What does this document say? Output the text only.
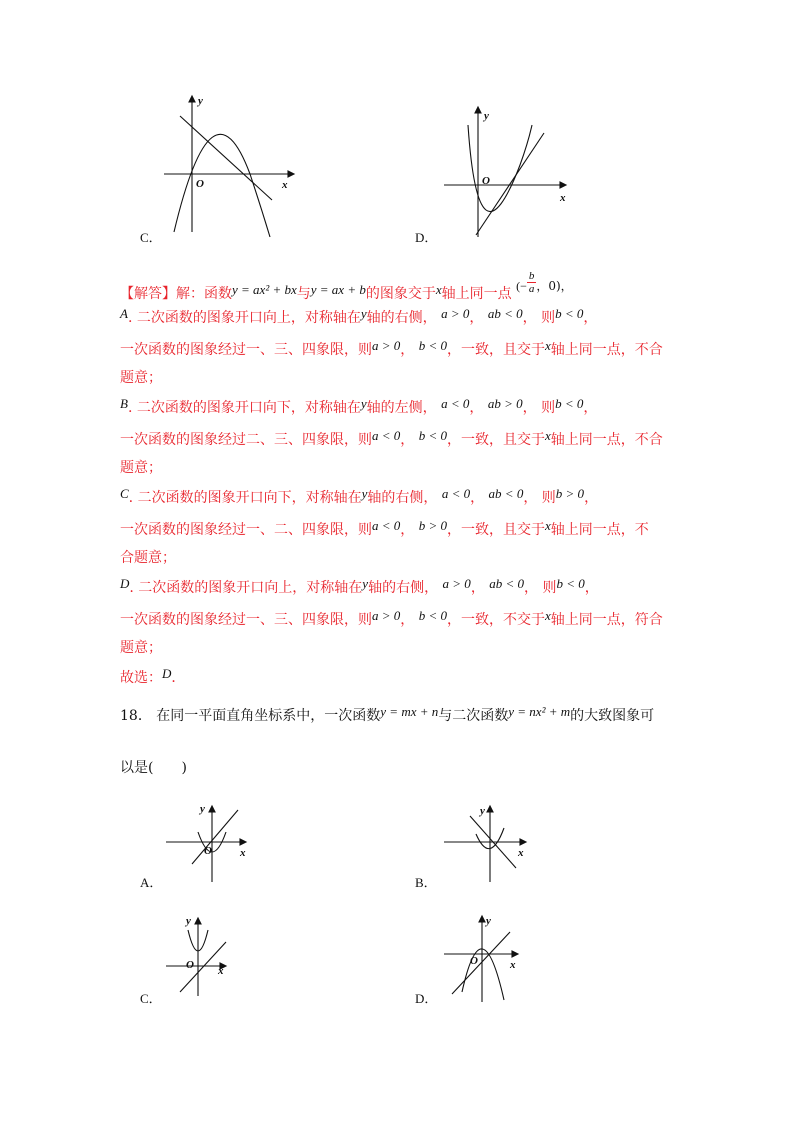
C．
y
x
O
D．
y
x
O
【解答】解：函数y = ax² + bx与y = ax + b的图象交于x轴上同一点 (− $\frac{b}{a}$ ，0)，
A. 二次函数的图象开口向上，对称轴在y轴的右侧， a > 0， ab < 0， 则b < 0，
一次函数的图象经过一、三、四象限，则a > 0， b < 0，一致，且交于x轴上同一点，不合
题意；
B. 二次函数的图象开口向下，对称轴在y轴的左侧， a < 0， ab > 0， 则b < 0，
一次函数的图象经过二、三、四象限，则a < 0， b < 0，一致，且交于x轴上同一点，不合
题意；
C. 二次函数的图象开口向下，对称轴在y轴的右侧， a < 0， ab < 0， 则b > 0，
一次函数的图象经过一、二、四象限，则a < 0， b > 0，一致，且交于x轴上同一点，不
合题意；
D. 二次函数的图象开口向上，对称轴在y轴的右侧， a > 0， ab < 0， 则b < 0，
一次函数的图象经过一、三、四象限，则a > 0， b < 0，一致，不交于x轴上同一点，符合
题意；
故选：D．
18． 在同一平面直角坐标系中，一次函数y = mx + n与二次函数y = nx² + m的大致图象可
以是(　　)
A．
y
x
O
B．
y
x
C．
y
x
O
D．
y
x
O
